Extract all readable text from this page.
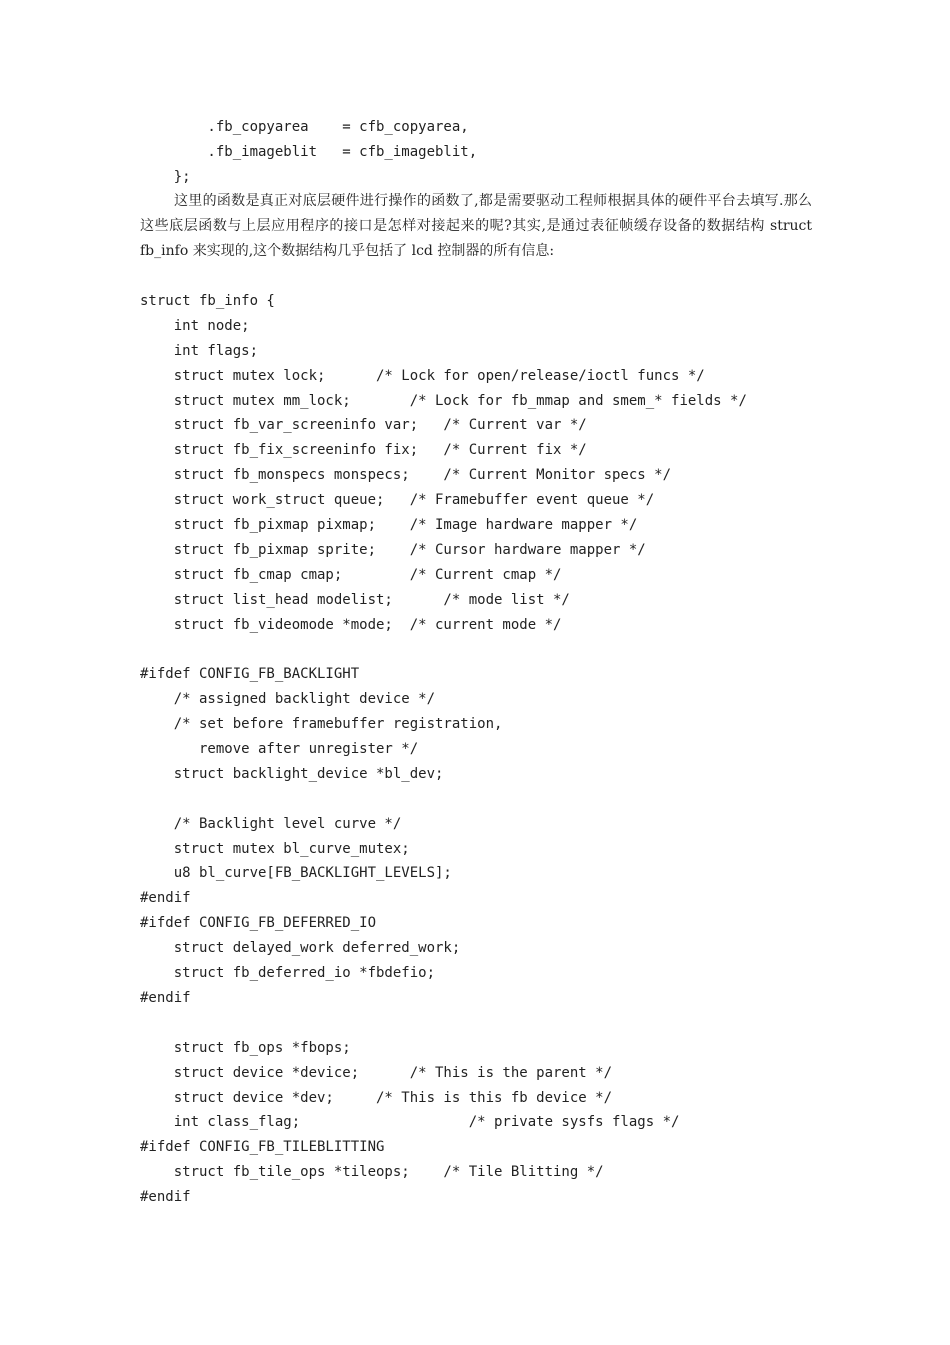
.fb_copyarea    = cfb_copyarea,
.fb_imageblit   = cfb_imageblit,
};

这里的函数是真正对底层硬件进行操作的函数了,都是需要驱动工程师根据具体的硬件平台去填写.那么这些底层函数与上层应用程序的接口是怎样对接起来的呢?其实,是通过表征帧缓存设备的数据结构 struct fb_info 来实现的,这个数据结构几乎包括了 lcd 控制器的所有信息:

struct fb_info {
int node;
int flags;
struct mutex lock;      /* Lock for open/release/ioctl funcs */
struct mutex mm_lock;       /* Lock for fb_mmap and smem_* fields */
struct fb_var_screeninfo var;   /* Current var */
struct fb_fix_screeninfo fix;   /* Current fix */
struct fb_monspecs monspecs;    /* Current Monitor specs */
struct work_struct queue;   /* Framebuffer event queue */
struct fb_pixmap pixmap;    /* Image hardware mapper */
struct fb_pixmap sprite;    /* Cursor hardware mapper */
struct fb_cmap cmap;        /* Current cmap */
struct list_head modelist;      /* mode list */
struct fb_videomode *mode;  /* current mode */
#ifdef CONFIG_FB_BACKLIGHT
/* assigned backlight device */
/* set before framebuffer registration,
remove after unregister */
struct backlight_device *bl_dev;
/* Backlight level curve */
struct mutex bl_curve_mutex;
u8 bl_curve[FB_BACKLIGHT_LEVELS];
#endif
#ifdef CONFIG_FB_DEFERRED_IO
struct delayed_work deferred_work;
struct fb_deferred_io *fbdefio;
#endif
struct fb_ops *fbops;
struct device *device;      /* This is the parent */
struct device *dev;     /* This is this fb device */
int class_flag;                    /* private sysfs flags */
#ifdef CONFIG_FB_TILEBLITTING
struct fb_tile_ops *tileops;    /* Tile Blitting */
#endif
